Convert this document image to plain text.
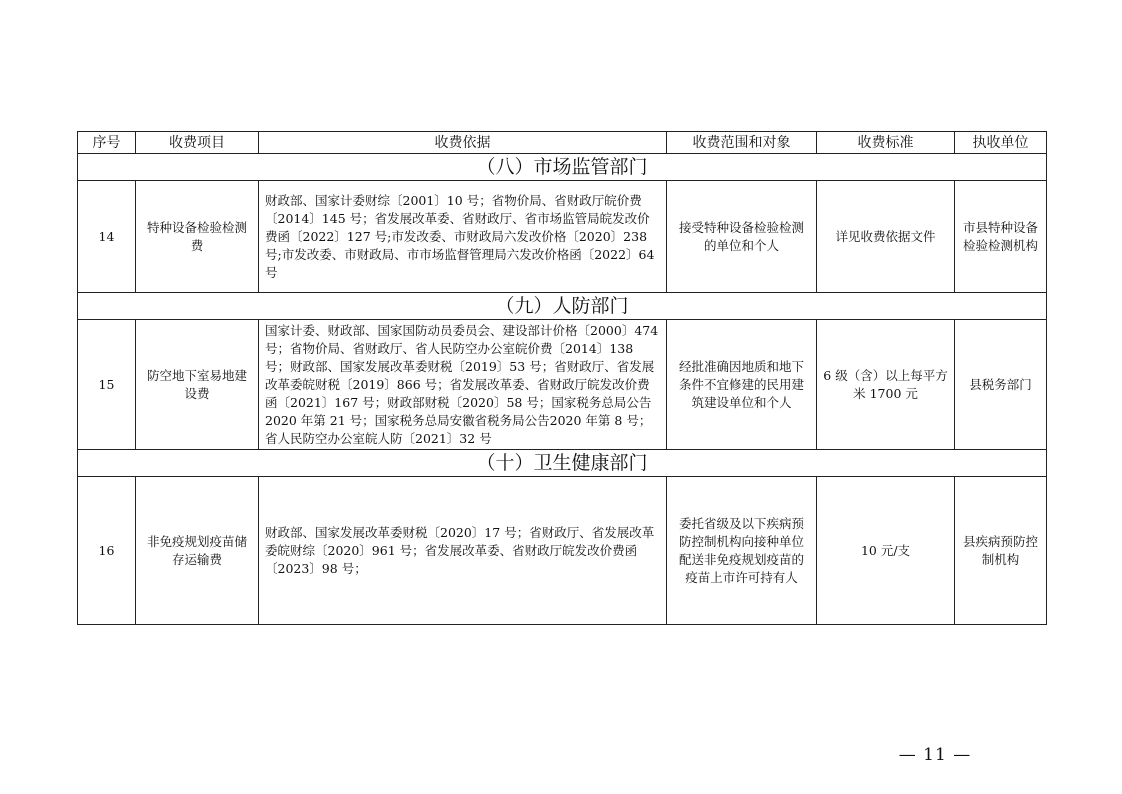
序号	收费项目	收费依据	收费范围和对象	收费标准	执收单位
（八）市场监管部门					
14	特种设备检验检测费	财政部、国家计委财综〔2001〕10 号；省物价局、省财政厅皖价费〔2014〕145 号；省发展改革委、省财政厅、省市场监管局皖发改价费函〔2022〕127 号;市发改委、市财政局六发改价格〔2020〕238 号;市发改委、市财政局、市市场监督管理局六发改价格函〔2022〕64 号	接受特种设备检验检测的单位和个人	详见收费依据文件	市县特种设备检验检测机构
（九）人防部门					
15	防空地下室易地建设费	国家计委、财政部、国家国防动员委员会、建设部计价格〔2000〕474 号；省物价局、省财政厅、省人民防空办公室皖价费〔2014〕138 号；财政部、国家发展改革委财税〔2019〕53 号；省财政厅、省发展改革委皖财税〔2019〕866 号；省发展改革委、省财政厅皖发改价费函〔2021〕167 号；财政部财税〔2020〕58 号；国家税务总局公告 2020 年第 21 号；国家税务总局安徽省税务局公告2020 年第 8 号；省人民防空办公室皖人防〔2021〕32 号	经批准确因地质和地下条件不宜修建的民用建筑建设单位和个人	6 级（含）以上每平方米 1700 元	县税务部门
（十）卫生健康部门					
16	非免疫规划疫苗储存运输费	财政部、国家发展改革委财税〔2020〕17 号；省财政厅、省发展改革委皖财综〔2020〕961 号；省发展改革委、省财政厅皖发改价费函〔2023〕98 号；	委托省级及以下疾病预防控制机构向接种单位配送非免疫规划疫苗的疫苗上市许可持有人	10 元/支	县疾病预防控制机构
— 11 —
